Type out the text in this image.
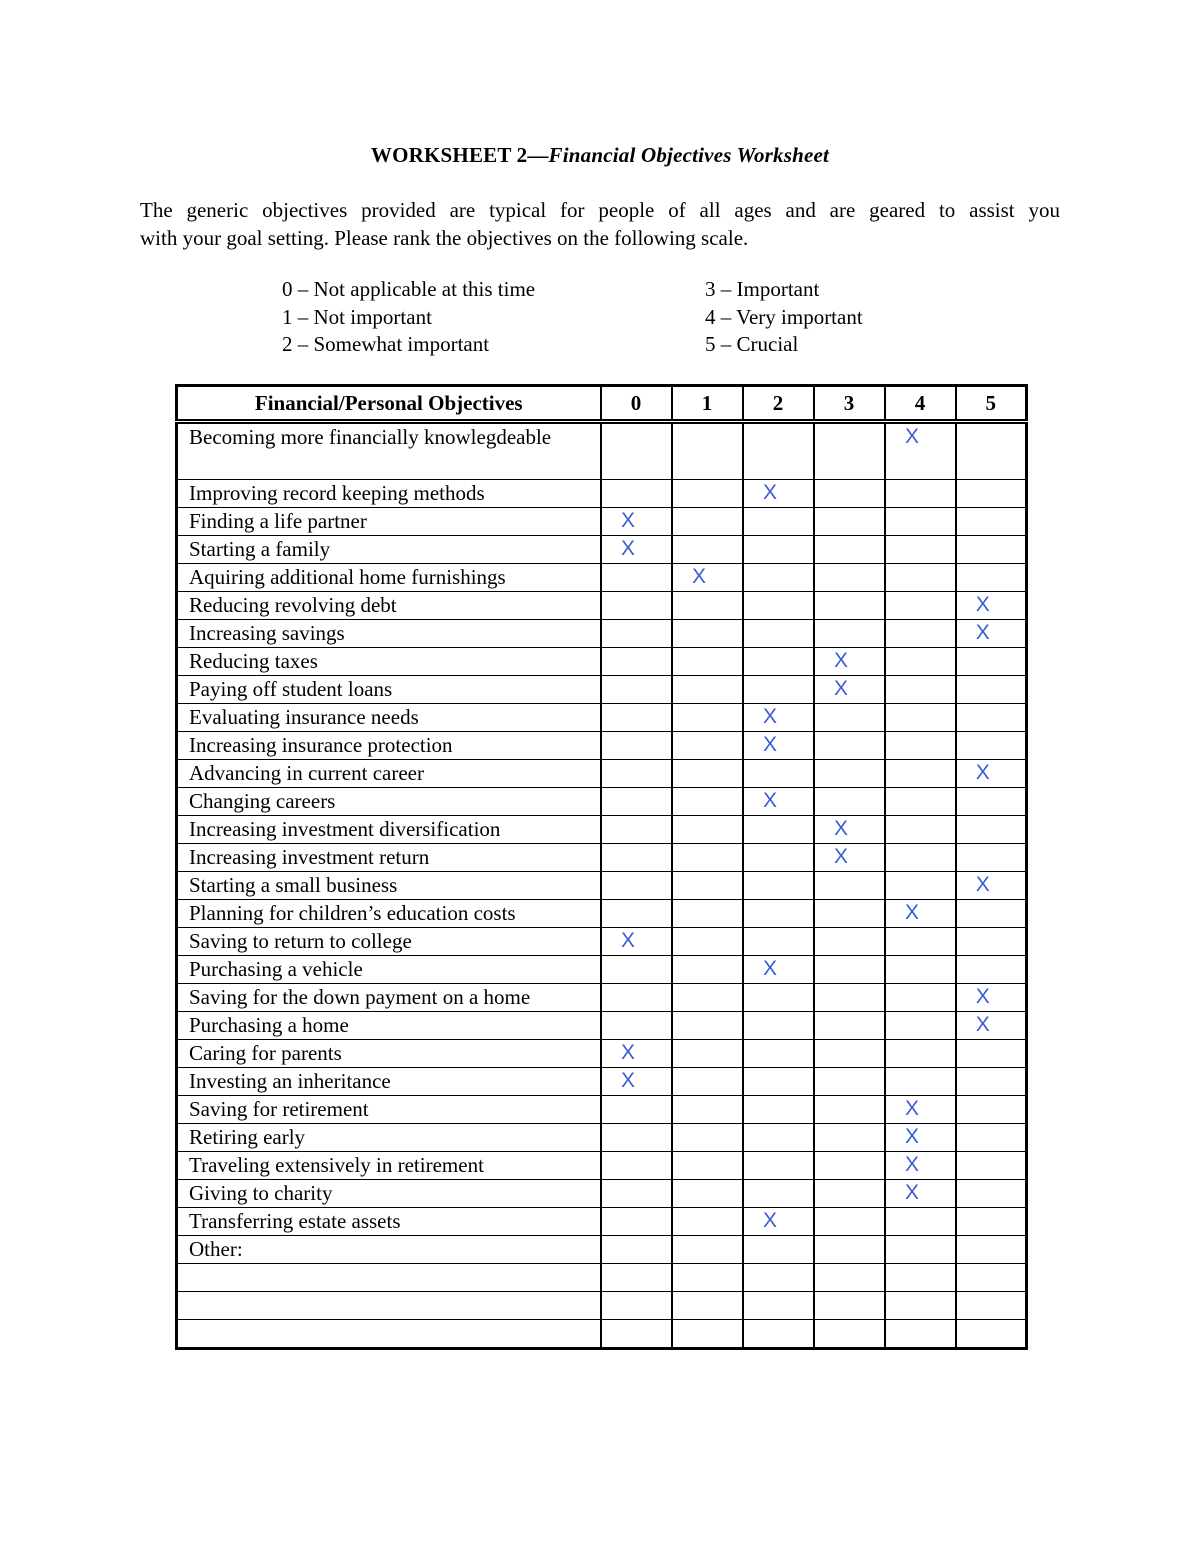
WORKSHEET 2—Financial Objectives Worksheet
The generic objectives provided are typical for people of all ages and are geared to assist you
with your goal setting. Please rank the objectives on the following scale.
0 – Not applicable at this time
1 – Not important
2 – Somewhat important
3 – Important
4 – Very important
5 – Crucial
Financial/Personal Objectives	0	1	2	3	4	5
Becoming more financially knowlegdeable					X	
Improving record keeping methods			X			
Finding a life partner	X					
Starting a family	X					
Aquiring additional home furnishings		X				
Reducing revolving debt						X
Increasing savings						X
Reducing taxes				X		
Paying off student loans				X		
Evaluating insurance needs			X			
Increasing insurance protection			X			
Advancing in current career						X
Changing careers			X			
Increasing investment diversification				X		
Increasing investment return				X		
Starting a small business						X
Planning for children’s education costs					X	
Saving to return to college	X					
Purchasing a vehicle			X			
Saving for the down payment on a home						X
Purchasing a home						X
Caring for parents	X					
Investing an inheritance	X					
Saving for retirement					X	
Retiring early					X	
Traveling extensively in retirement					X	
Giving to charity					X	
Transferring estate assets			X			
Other:						
